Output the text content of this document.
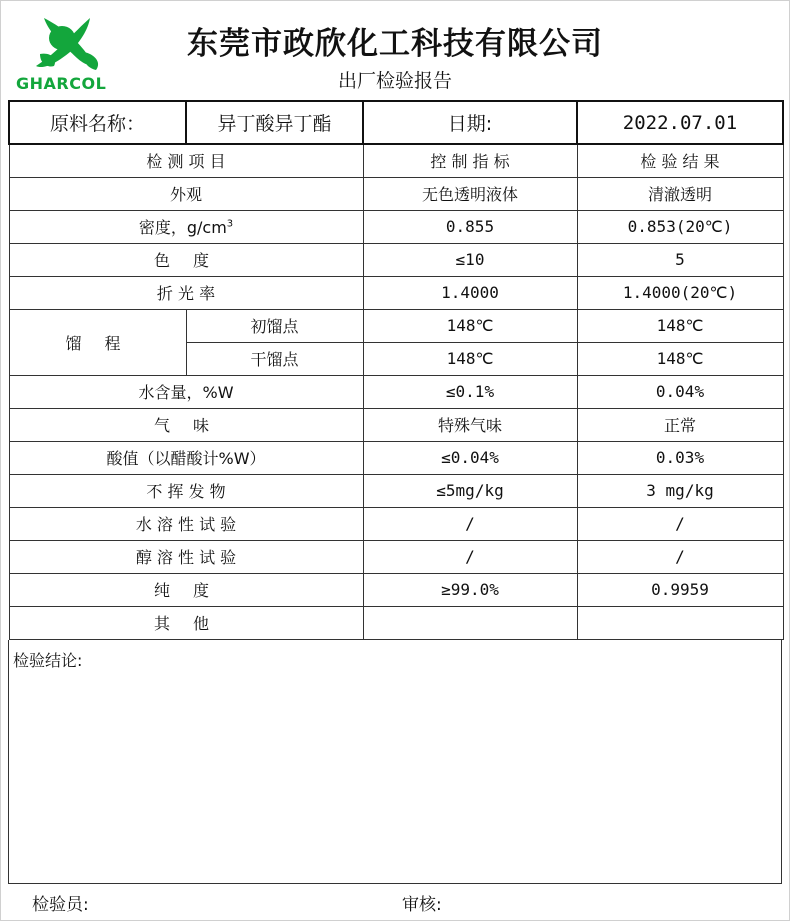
GHARCOL
东莞市政欣化工科技有限公司
出厂检验报告
原料名称：	异丁酸异丁酯	日期:	2022.07.01
检 测 项 目		控 制 指 标	检 验 结 果
外观		无色透明液体	清澈透明
密度，$g/cm^3$		0.855	0.853(20℃)
色 度		≤10	5
折 光 率		1.4000	1.4000(20℃)
馏 程	初馏点	148℃	148℃
	干馏点	148℃	148℃
水含量，%W		≤0.1%	0.04%
气 味		特殊气味	正常
酸值（以醋酸计%W）		≤0.04%	0.03%
不 挥 发 物		≤5mg/kg	3 mg/kg
水 溶 性 试 验		/	/
醇 溶 性 试 验		/	/
纯 度		≥99.0%	0.9959
其 他			
检验结论:
检验员:	审核:
